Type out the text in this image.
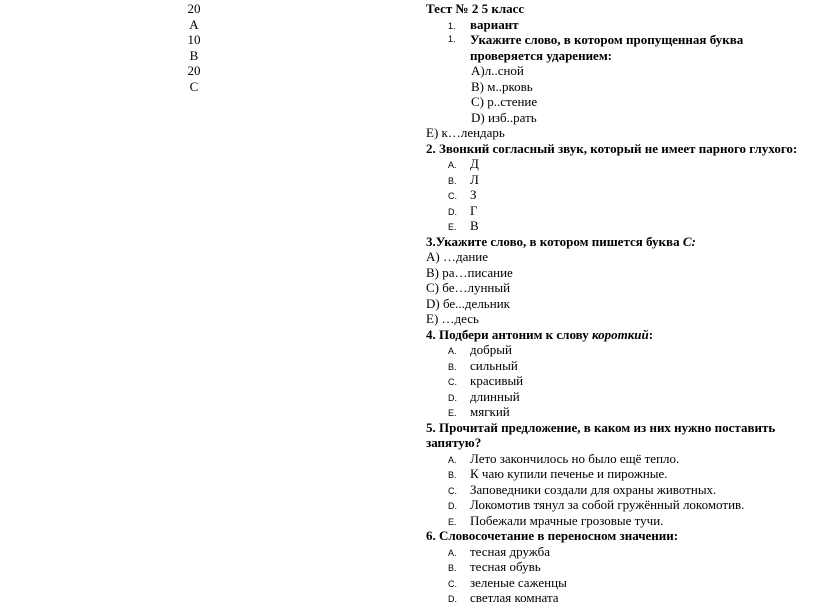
20
A
10
B
20
C
Тест № 2 5 класс
1. вариант
1.	Укажите слово, в котором пропущенная буква проверяется ударением:
А)л..сной
В) м..рковь
С) р..стение
D) изб..рать
Е) к…лендарь
2. Звонкий согласный звук, который не имеет парного глухого:
A. Д
B. Л
C. З
D. Г
E. В
3.Укажите слово, в котором пишется буква С:
А) …дание
В) ра…писание
С) бе…лунный
D) бе...дельник
Е) …десь
4. Подбери антоним к слову короткий:
A. добрый
B. сильный
C. красивый
D. длинный
E. мягкий
5. Прочитай предложение, в каком из них нужно поставить запятую?
A. Лето закончилось но было ещё тепло.
B. К чаю купили печенье и пирожные.
C. Заповедники создали для охраны животных.
D. Локомотив тянул за собой гружённый локомотив.
E. Побежали мрачные грозовые тучи.
6. Словосочетание в переносном значении:
A. тесная дружба
B. тесная обувь
C. зеленые саженцы
D. светлая комната
